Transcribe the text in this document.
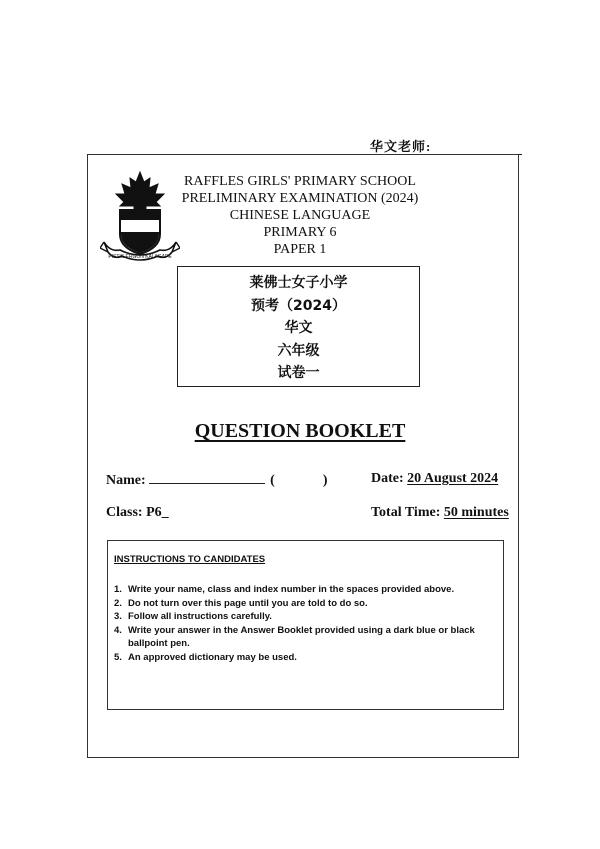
华文老师:
PISTIS ERGON KAI AGAPE
RAFFLES GIRLS' PRIMARY SCHOOL
PRELIMINARY EXAMINATION (2024)
CHINESE LANGUAGE
PRIMARY 6
PAPER 1
莱佛士女子小学
预考（2024）
华文
六年级
试卷一
QUESTION BOOKLET
Name:	(	)	Date: 20 August 2024
Class: P6_	Total Time: 50 minutes
INSTRUCTIONS TO CANDIDATES
1. Write your name, class and index number in the spaces provided above.
2. Do not turn over this page until you are told to do so.
3. Follow all instructions carefully.
4. Write your answer in the Answer Booklet provided using a dark blue or black ballpoint pen.
5. An approved dictionary may be used.
